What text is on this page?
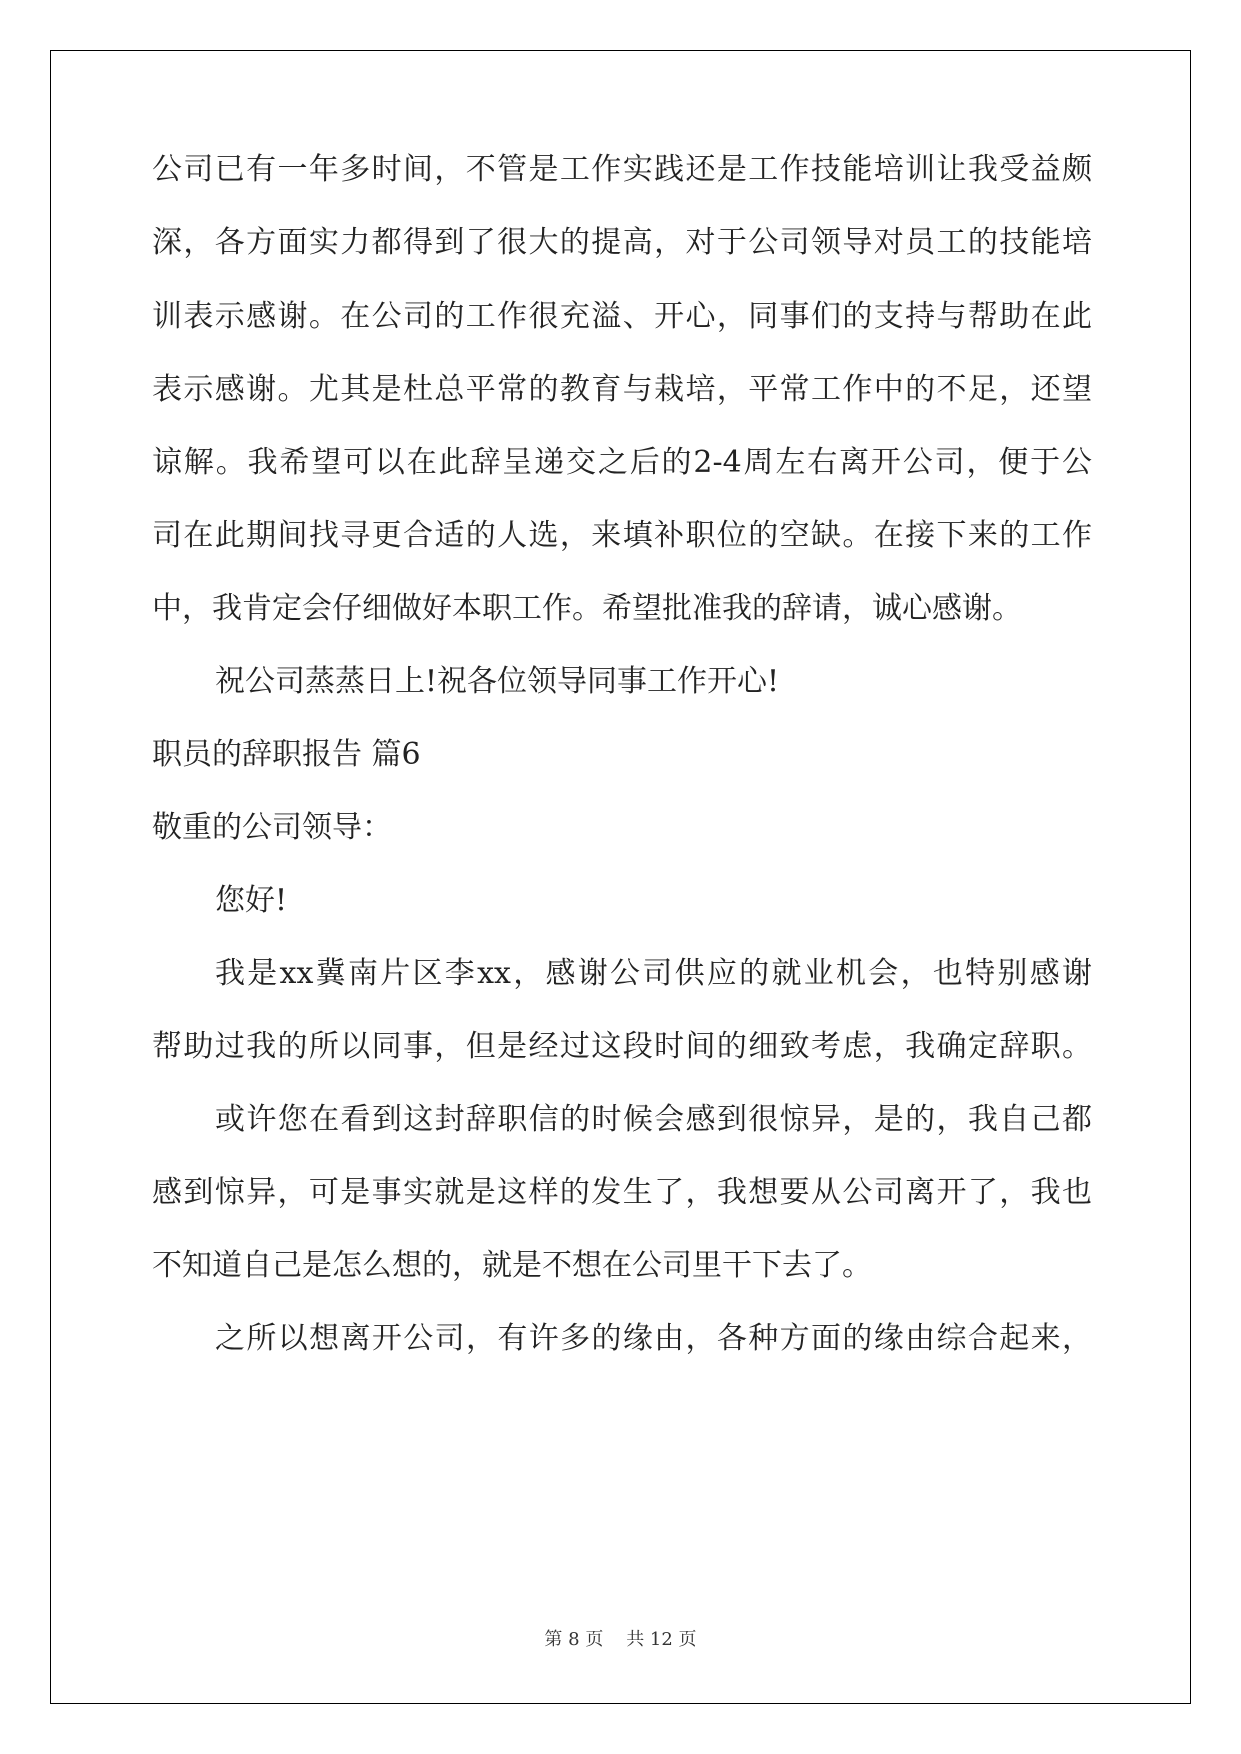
公司已有一年多时间，不管是工作实践还是工作技能培训让我受益颇
深，各方面实力都得到了很大的提高，对于公司领导对员工的技能培
训表示感谢。在公司的工作很充溢、开心，同事们的支持与帮助在此
表示感谢。尤其是杜总平常的教育与栽培，平常工作中的不足，还望
谅解。我希望可以在此辞呈递交之后的2-4周左右离开公司，便于公
司在此期间找寻更合适的人选，来填补职位的空缺。在接下来的工作
中，我肯定会仔细做好本职工作。希望批准我的辞请，诚心感谢。
祝公司蒸蒸日上!祝各位领导同事工作开心!
职员的辞职报告 篇6
敬重的公司领导：
您好!
我是xx冀南片区李xx，感谢公司供应的就业机会，也特别感谢
帮助过我的所以同事，但是经过这段时间的细致考虑，我确定辞职。
或许您在看到这封辞职信的时候会感到很惊异，是的，我自己都
感到惊异，可是事实就是这样的发生了，我想要从公司离开了，我也
不知道自己是怎么想的，就是不想在公司里干下去了。
之所以想离开公司，有许多的缘由，各种方面的缘由综合起来，
第 8 页    共 12 页
